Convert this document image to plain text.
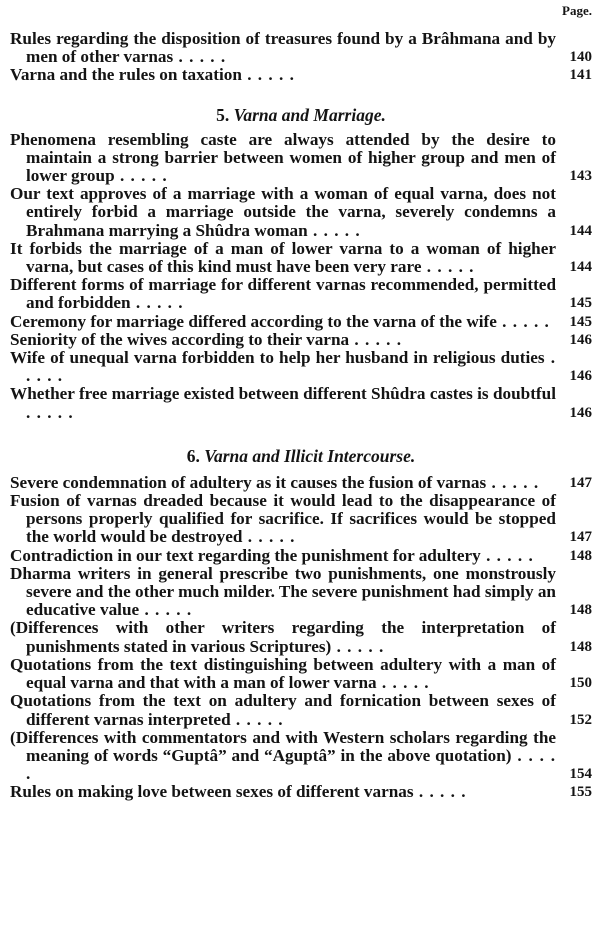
Page.

Rules regarding the disposition of treasures found by a Brâhmana and by men of other varnas . . . . .	140

Varna and the rules on taxation . . . . .	141

5. Varna and Marriage.

Phenomena resembling caste are always attended by the desire to maintain a strong barrier between women of higher group and men of lower group . . . . .	143

Our text approves of a marriage with a woman of equal varna, does not entirely forbid a marriage outside the varna, severely condemns a Brahmana marrying a Shûdra woman . . . . .	144

It forbids the marriage of a man of lower varna to a woman of higher varna, but cases of this kind must have been very rare . . . . .	144

Different forms of marriage for different varnas recommended, permitted and forbidden . . . . .	145

Ceremony for marriage differed according to the varna of the wife . . . . .	145

Seniority of the wives according to their varna . . . . .	146

Wife of unequal varna forbidden to help her husband in religious duties . . . . .	146

Whether free marriage existed between different Shûdra castes is doubtful . . . . .	146

6. Varna and Illicit Intercourse.

Severe condemnation of adultery as it causes the fusion of varnas . . . . .	147

Fusion of varnas dreaded because it would lead to the disappearance of persons properly qualified for sacrifice. If sacrifices would be stopped the world would be destroyed . . . . .	147

Contradiction in our text regarding the punishment for adultery . . . . .	148

Dharma writers in general prescribe two punishments, one monstrously severe and the other much milder. The severe punishment had simply an educative value . . . . .	148

(Differences with other writers regarding the interpretation of punishments stated in various Scriptures) . . . . .	148

Quotations from the text distinguishing between adultery with a man of equal varna and that with a man of lower varna . . . . .	150

Quotations from the text on adultery and fornication between sexes of different varnas interpreted . . . . .	152

(Differences with commentators and with Western scholars regarding the meaning of words “Guptâ” and “Aguptâ” in the above quotation) . . . . .	154

Rules on making love between sexes of different varnas . . . . .	155
